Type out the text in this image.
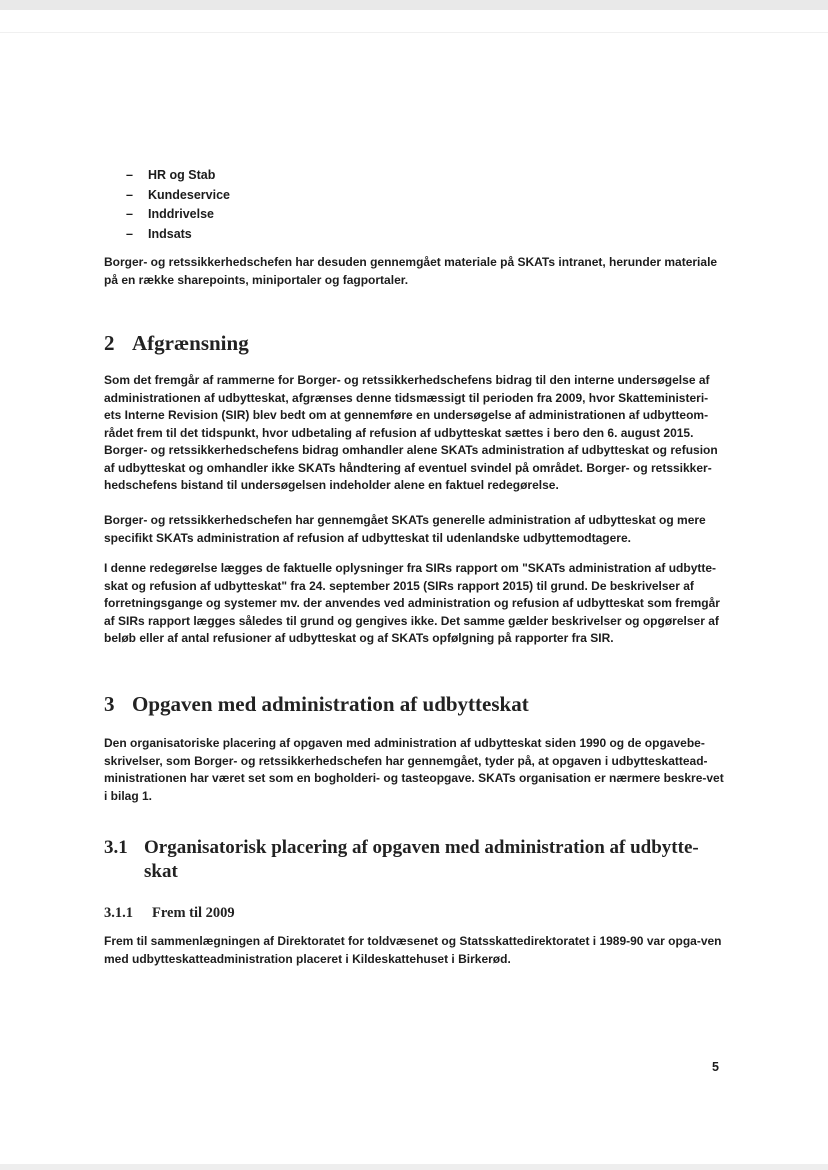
– HR og Stab
– Kundeservice
– Inddrivelse
– Indsats

Borger- og retssikkerhedschefen har desuden gennemgået materiale på SKATs intranet, herunder materiale på en række sharepoints, miniportaler og fagportaler.

2 Afgrænsning

Som det fremgår af rammerne for Borger- og retssikkerhedschefens bidrag til den interne undersøgelse af administrationen af udbytteskat, afgrænses denne tidsmæssigt til perioden fra 2009, hvor Skatteministeri-ets Interne Revision (SIR) blev bedt om at gennemføre en undersøgelse af administrationen af udbytteom-rådet frem til det tidspunkt, hvor udbetaling af refusion af udbytteskat sættes i bero den 6. august 2015. Borger- og retssikkerhedschefens bidrag omhandler alene SKATs administration af udbytteskat og refusion af udbytteskat og omhandler ikke SKATs håndtering af eventuel svindel på området. Borger- og retssikker-hedschefens bistand til undersøgelsen indeholder alene en faktuel redegørelse.

Borger- og retssikkerhedschefen har gennemgået SKATs generelle administration af udbytteskat og mere specifikt SKATs administration af refusion af udbytteskat til udenlandske udbyttemodtagere.

I denne redegørelse lægges de faktuelle oplysninger fra SIRs rapport om "SKATs administration af udbytte-skat og refusion af udbytteskat" fra 24. september 2015 (SIRs rapport 2015) til grund. De beskrivelser af forretningsgange og systemer mv. der anvendes ved administration og refusion af udbytteskat som fremgår af SIRs rapport lægges således til grund og gengives ikke. Det samme gælder beskrivelser og opgørelser af beløb eller af antal refusioner af udbytteskat og af SKATs opfølgning på rapporter fra SIR.

3 Opgaven med administration af udbytteskat

Den organisatoriske placering af opgaven med administration af udbytteskat siden 1990 og de opgavebe-skrivelser, som Borger- og retssikkerhedschefen har gennemgået, tyder på, at opgaven i udbytteskattead-ministrationen har været set som en bogholderi- og tasteopgave. SKATs organisation er nærmere beskre-vet i bilag 1.

3.1 Organisatorisk placering af opgaven med administration af udbytte-skat
3.1.1 Frem til 2009

Frem til sammenlægningen af Direktoratet for toldvæsenet og Statsskattedirektoratet i 1989-90 var opga-ven med udbytteskatteadministration placeret i Kildeskattehuset i Birkerød.

5
